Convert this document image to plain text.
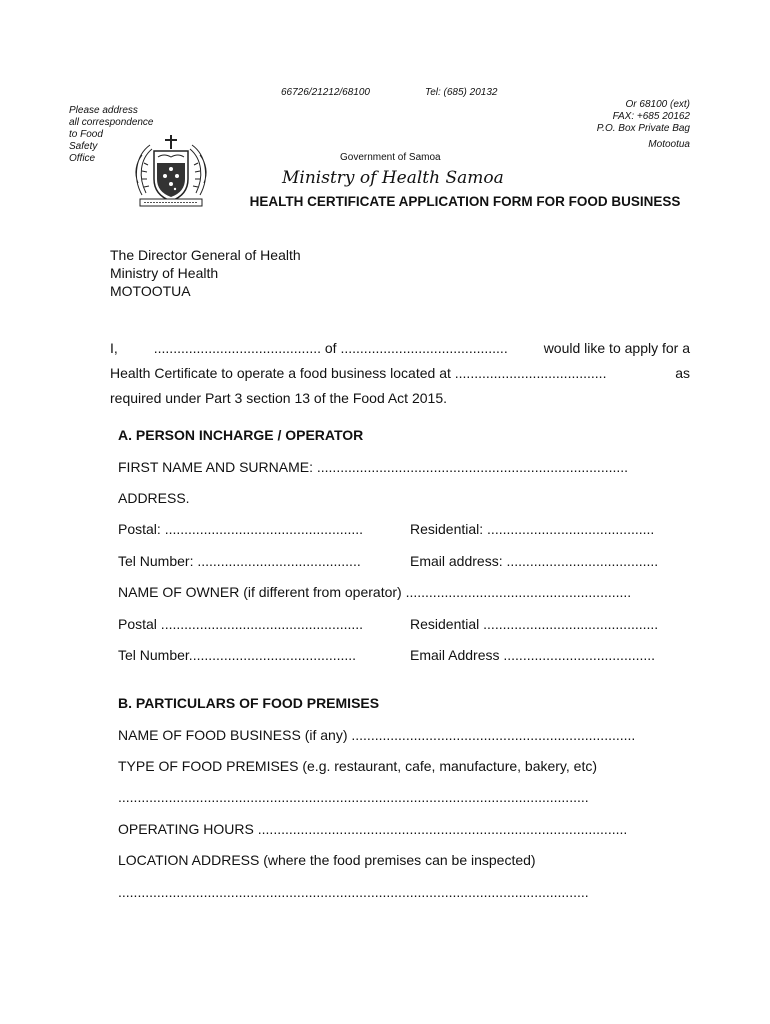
66726/21212/68100	Tel: (685) 20132
Please address
all correspondence
to Food
Safety
Office
Or 68100 (ext)
FAX: +685 20162
P.O. Box Private Bag
Motootua
Government of Samoa
Ministry of Health Samoa
HEALTH CERTIFICATE APPLICATION FORM FOR FOOD BUSINESS
The Director General of Health
Ministry of Health
MOTOOTUA
I,	........................................... of ...........................................	would like to apply for a
Health Certificate to operate a food business located at .......................................	as
required under Part 3 section 13 of the Food Act 2015.
A. PERSON INCHARGE / OPERATOR
FIRST NAME AND SURNAME: ................................................................................
ADDRESS.
Postal: ...................................................	Residential: ...........................................
Tel Number: ..........................................	Email address: .......................................
NAME OF OWNER (if different from operator) ..........................................................
Postal ....................................................	Residential .............................................
Tel Number...........................................	Email Address .......................................
B. PARTICULARS OF FOOD PREMISES
NAME OF FOOD BUSINESS (if any) .........................................................................
TYPE OF FOOD PREMISES (e.g. restaurant, cafe, manufacture, bakery, etc)
.........................................................................................................................
OPERATING HOURS ...............................................................................................
LOCATION ADDRESS (where the food premises can be inspected)
.........................................................................................................................
